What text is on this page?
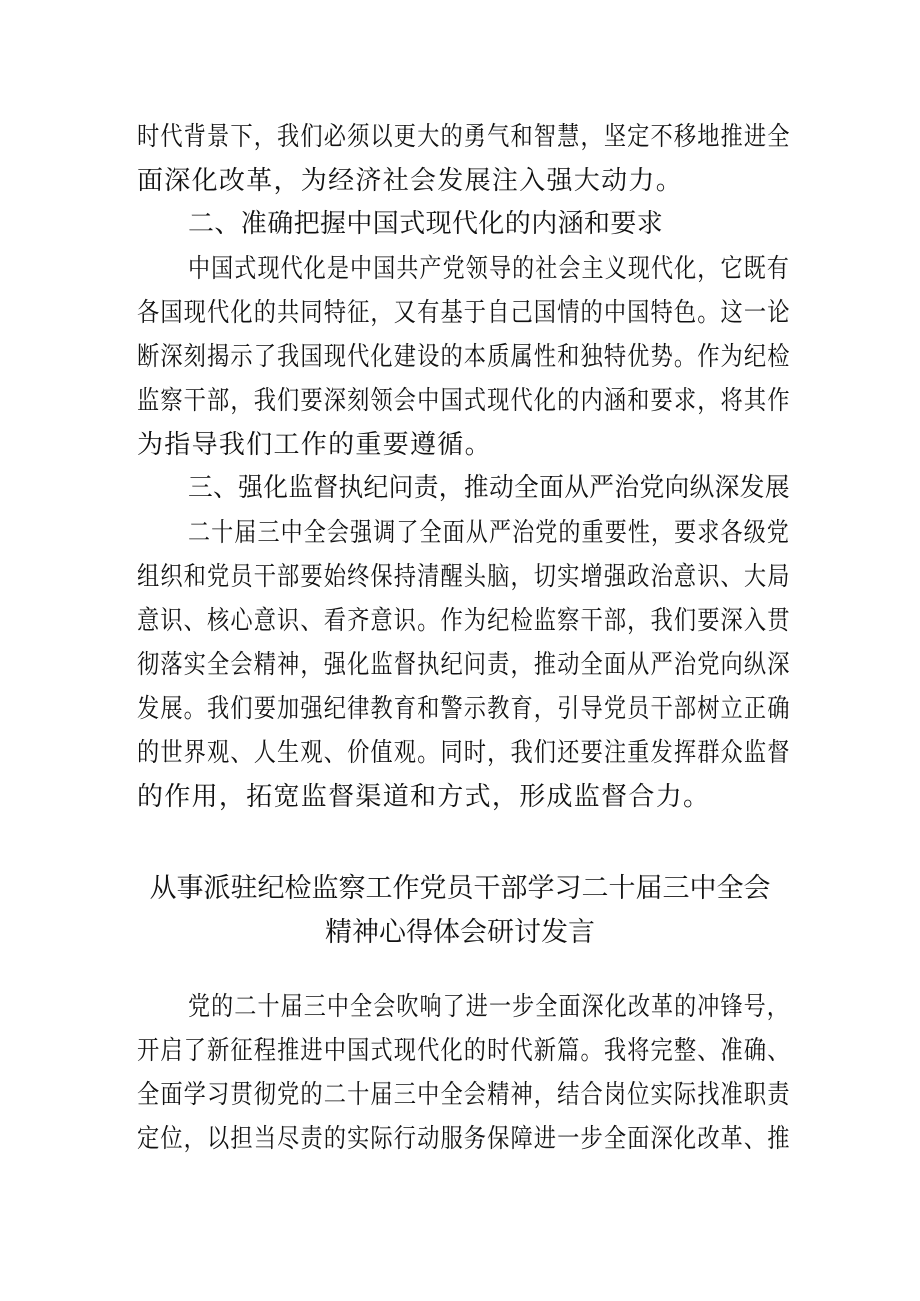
时代背景下，我们必须以更大的勇气和智慧，坚定不移地推进全
面深化改革，为经济社会发展注入强大动力。
二、准确把握中国式现代化的内涵和要求
中国式现代化是中国共产党领导的社会主义现代化，它既有
各国现代化的共同特征，又有基于自己国情的中国特色。这一论
断深刻揭示了我国现代化建设的本质属性和独特优势。作为纪检
监察干部，我们要深刻领会中国式现代化的内涵和要求，将其作
为指导我们工作的重要遵循。
三、强化监督执纪问责，推动全面从严治党向纵深发展
二十届三中全会强调了全面从严治党的重要性，要求各级党
组织和党员干部要始终保持清醒头脑，切实增强政治意识、大局
意识、核心意识、看齐意识。作为纪检监察干部，我们要深入贯
彻落实全会精神，强化监督执纪问责，推动全面从严治党向纵深
发展。我们要加强纪律教育和警示教育，引导党员干部树立正确
的世界观、人生观、价值观。同时，我们还要注重发挥群众监督
的作用，拓宽监督渠道和方式，形成监督合力。
从事派驻纪检监察工作党员干部学习二十届三中全会
精神心得体会研讨发言
党的二十届三中全会吹响了进一步全面深化改革的冲锋号，
开启了新征程推进中国式现代化的时代新篇。我将完整、准确、
全面学习贯彻党的二十届三中全会精神，结合岗位实际找准职责
定位，以担当尽责的实际行动服务保障进一步全面深化改革、推
